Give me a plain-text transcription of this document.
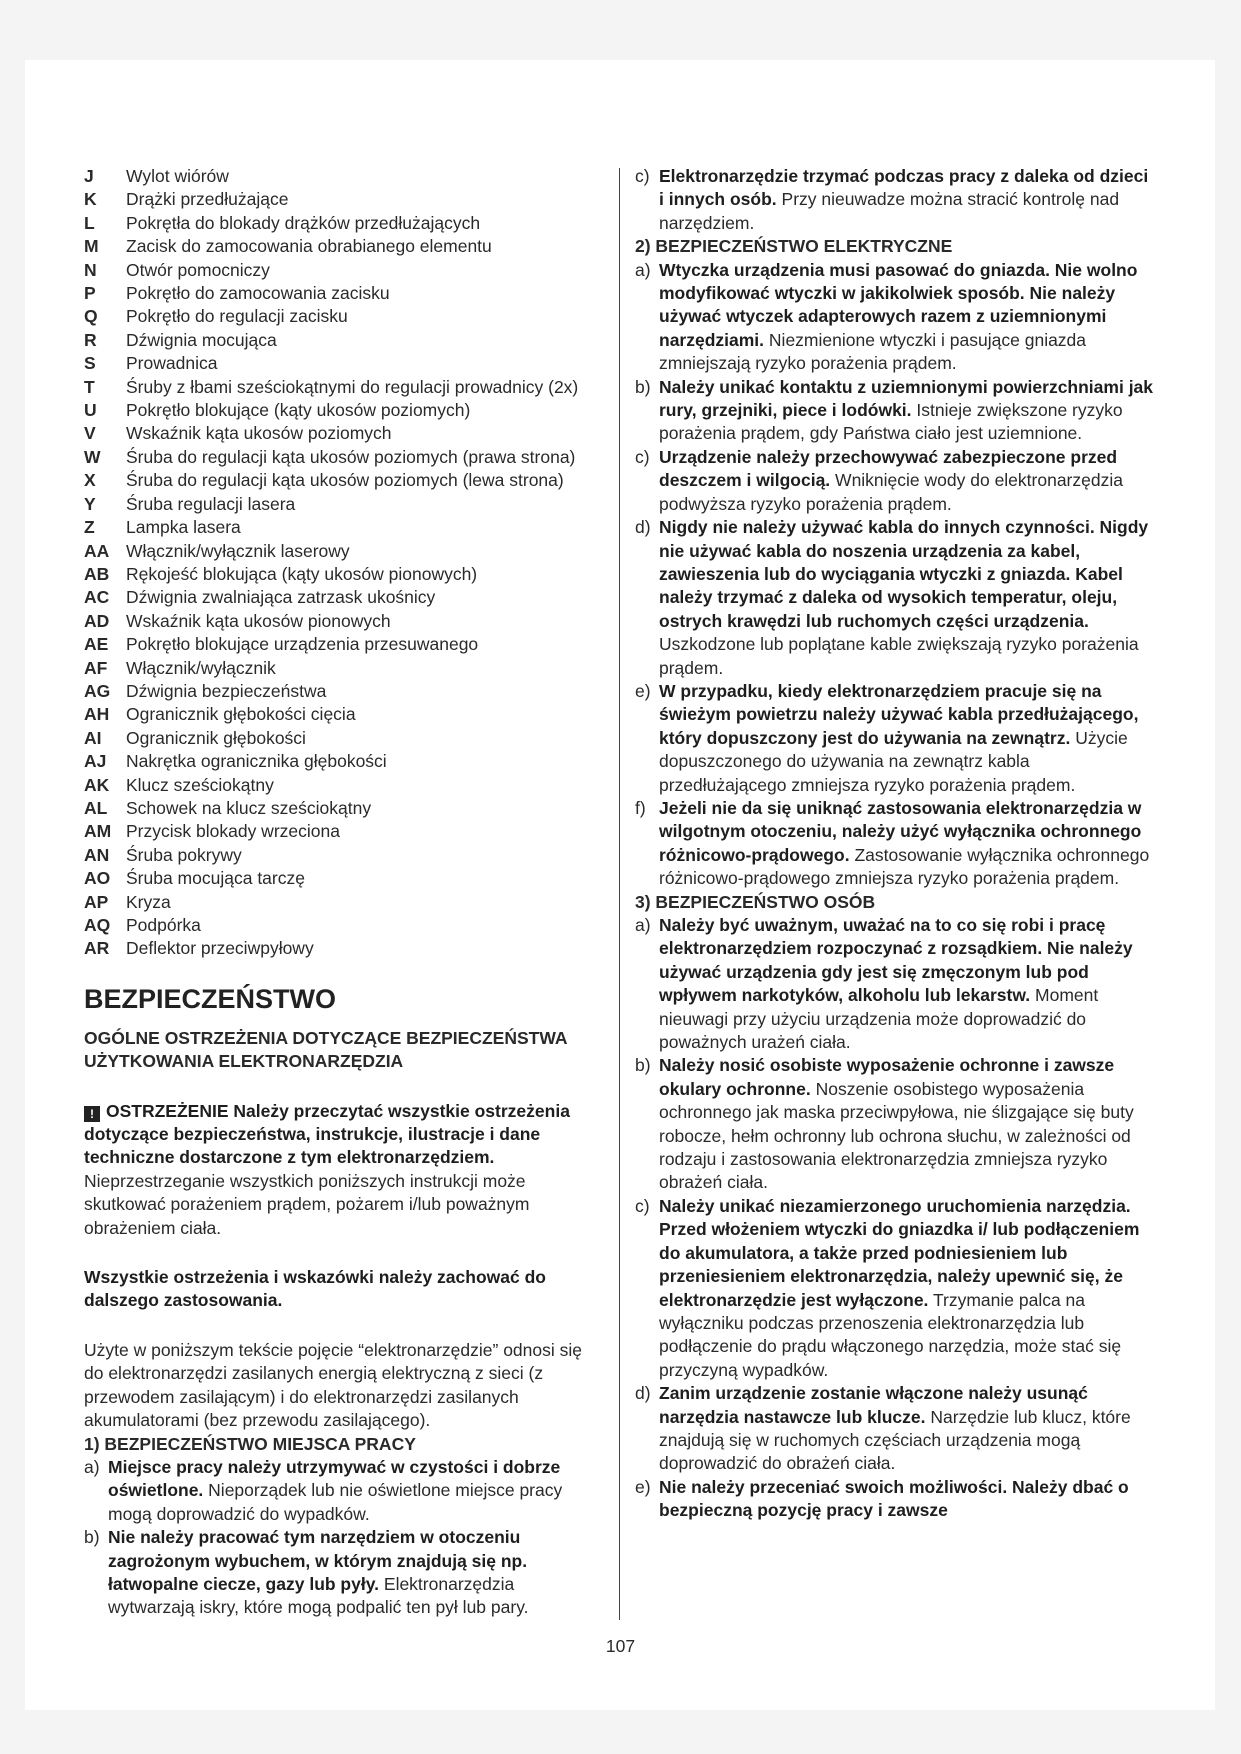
J	Wylot wiórów
K	Drążki przedłużające
L	Pokrętła do blokady drążków przedłużających
M	Zacisk do zamocowania obrabianego elementu
N	Otwór pomocniczy
P	Pokrętło do zamocowania zacisku
Q	Pokrętło do regulacji zacisku
R	Dźwignia mocująca
S	Prowadnica
T	Śruby z łbami sześciokątnymi do regulacji prowadnicy (2x)
U	Pokrętło blokujące (kąty ukosów poziomych)
V	Wskaźnik kąta ukosów poziomych
W	Śruba do regulacji kąta ukosów poziomych (prawa strona)
X	Śruba do regulacji kąta ukosów poziomych (lewa strona)
Y	Śruba regulacji lasera
Z	Lampka lasera
AA Włącznik/wyłącznik laserowy
AB Rękojeść blokująca (kąty ukosów pionowych)
AC Dźwignia zwalniająca zatrzask ukośnicy
AD Wskaźnik kąta ukosów pionowych
AE	Pokrętło blokujące urządzenia przesuwanego
AF	Włącznik/wyłącznik
AG Dźwignia bezpieczeństwa
AH Ogranicznik głębokości cięcia
AI	Ogranicznik głębokości
AJ	Nakrętka ogranicznika głębokości
AK Klucz sześciokątny
AL	Schowek na klucz sześciokątny
AM Przycisk blokady wrzeciona
AN Śruba pokrywy
AO Śruba mocująca tarczę
AP	Kryza
AQ Podpórka
AR Deflektor przeciwpyłowy
BEZPIECZEŃSTWO
OGÓLNE OSTRZEŻENIA DOTYCZĄCE BEZPIECZEŃSTWA UŻYTKOWANIA ELEKTRONARZĘDZIA

! OSTRZEŻENIE Należy przeczytać wszystkie ostrzeżenia dotyczące bezpieczeństwa, instrukcje, ilustracje i dane techniczne dostarczone z tym elektronarzędziem. Nieprzestrzeganie wszystkich poniższych instrukcji może skutkować porażeniem prądem, pożarem i/lub poważnym obrażeniem ciała.

Wszystkie ostrzeżenia i wskazówki należy zachować do dalszego zastosowania.

Użyte w poniższym tekście pojęcie “elektronarzędzie” odnosi się do elektronarzędzi zasilanych energią elektryczną z sieci (z przewodem zasilającym) i do elektronarzędzi zasilanych akumulatorami (bez przewodu zasilającego).

1) BEZPIECZEŃSTWO MIEJSCA PRACY

a) Miejsce pracy należy utrzymywać w czystości i dobrze oświetlone. Nieporządek lub nie oświetlone miejsce pracy mogą doprowadzić do wypadków.
b) Nie należy pracować tym narzędziem w otoczeniu zagrożonym wybuchem, w którym znajdują się np. łatwopalne ciecze, gazy lub pyły. Elektronarzędzia wytwarzają iskry, które mogą podpalić ten pył lub pary.
c) Elektronarzędzie trzymać podczas pracy z daleka od dzieci i innych osób. Przy nieuwadze można stracić kontrolę nad narzędziem.

2) BEZPIECZEŃSTWO ELEKTRYCZNE

a) Wtyczka urządzenia musi pasować do gniazda. Nie wolno modyfikować wtyczki w jakikolwiek sposób. Nie należy używać wtyczek adapterowych razem z uziemnionymi narzędziami. Niezmienione wtyczki i pasujące gniazda zmniejszają ryzyko porażenia prądem.
b) Należy unikać kontaktu z uziemnionymi powierzchniami jak rury, grzejniki, piece i lodówki. Istnieje zwiększone ryzyko porażenia prądem, gdy Państwa ciało jest uziemnione.
c) Urządzenie należy przechowywać zabezpieczone przed deszczem i wilgocią. Wniknięcie wody do elektronarzędzia podwyższa ryzyko porażenia prądem.
d) Nigdy nie należy używać kabla do innych czynności. Nigdy nie używać kabla do noszenia urządzenia za kabel, zawieszenia lub do wyciągania wtyczki z gniazda. Kabel należy trzymać z daleka od wysokich temperatur, oleju, ostrych krawędzi lub ruchomych części urządzenia. Uszkodzone lub poplątane kable zwiększają ryzyko porażenia prądem.
e) W przypadku, kiedy elektronarzędziem pracuje się na świeżym powietrzu należy używać kabla przedłużającego, który dopuszczony jest do używania na zewnątrz. Użycie dopuszczonego do używania na zewnątrz kabla przedłużającego zmniejsza ryzyko porażenia prądem.
f) Jeżeli nie da się uniknąć zastosowania elektronarzędzia w wilgotnym otoczeniu, należy użyć wyłącznika ochronnego różnicowo-prądowego. Zastosowanie wyłącznika ochronnego różnicowo-prądowego zmniejsza ryzyko porażenia prądem.

3) BEZPIECZEŃSTWO OSÓB

a) Należy być uważnym, uważać na to co się robi i pracę elektronarzędziem rozpoczynać z rozsądkiem. Nie należy używać urządzenia gdy jest się zmęczonym lub pod wpływem narkotyków, alkoholu lub lekarstw. Moment nieuwagi przy użyciu urządzenia może doprowadzić do poważnych urażeń ciała.
b) Należy nosić osobiste wyposażenie ochronne i zawsze okulary ochronne. Noszenie osobistego wyposażenia ochronnego jak maska przeciwpyłowa, nie ślizgające się buty robocze, hełm ochronny lub ochrona słuchu, w zależności od rodzaju i zastosowania elektronarzędzia zmniejsza ryzyko obrażeń ciała.
c) Należy unikać niezamierzonego uruchomienia narzędzia. Przed włożeniem wtyczki do gniazdka i/ lub podłączeniem do akumulatora, a także przed podniesieniem lub przeniesieniem elektronarzędzia, należy upewnić się, że elektronarzędzie jest wyłączone. Trzymanie palca na wyłączniku podczas przenoszenia elektronarzędzia lub podłączenie do prądu włączonego narzędzia, może stać się przyczyną wypadków.
d) Zanim urządzenie zostanie włączone należy usunąć narzędzia nastawcze lub klucze. Narzędzie lub klucz, które znajdują się w ruchomych częściach urządzenia mogą doprowadzić do obrażeń ciała.
e) Nie należy przeceniać swoich możliwości. Należy dbać o bezpieczną pozycję pracy i zawsze
107
